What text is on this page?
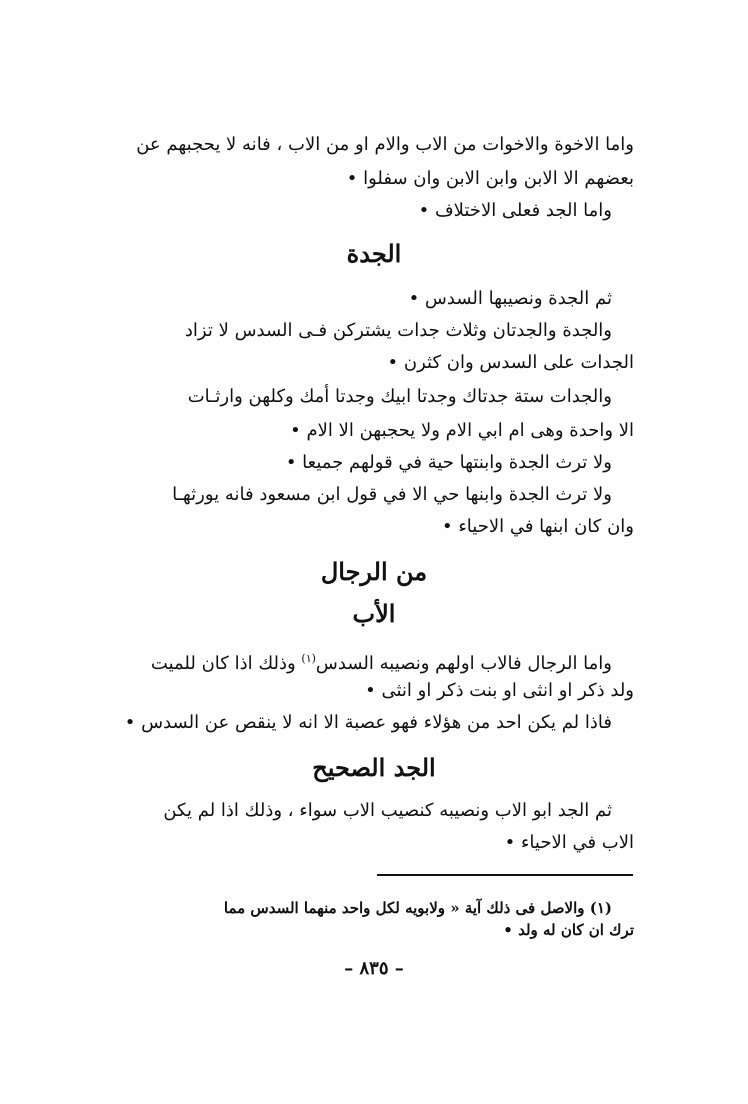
واما الاخوة والاخوات من الاب والام او من الاب ، فانه لا يحجبهم عن
بعضهم الا الابن وابن الابن وان سفلوا •
واما الجد فعلى الاختلاف •
الجدة
ثم الجدة ونصيبها السدس •
والجدة والجدتان وثلاث جدات يشتركن فـى السدس لا تزاد
الجدات على السدس وان كثرن •
والجدات ستة جدتاك وجدتا ابيك وجدتا أمك وكلهن وارثـات
الا واحدة وهى ام ابي الام ولا يحجبهن الا الام •
ولا ترث الجدة وابنتها حية في قولهم جميعا •
ولا ترث الجدة وابنها حي الا في قول ابن مسعود فانه يورثهـا
وان كان ابنها في الاحياء •
من الرجال
الأب
واما الرجال فالاب اولهم ونصيبه السدس$^{(١)}$ وذلك اذا كان للميت
ولد ذكر او انثى او بنت ذكر او انثى •
فاذا لم يكن احد من هؤلاء فهو عصبة الا انه لا ينقص عن السدس •
الجد الصحيح
ثم الجد ابو الاب ونصيبه كنصيب الاب سواء ، وذلك اذا لم يكن
الاب في الاحياء •
(١) والاصل فى ذلك آية « ولابويه لكل واحد منهما السدس مما
ترك ان كان له ولد •
– ٨٣٥ –
